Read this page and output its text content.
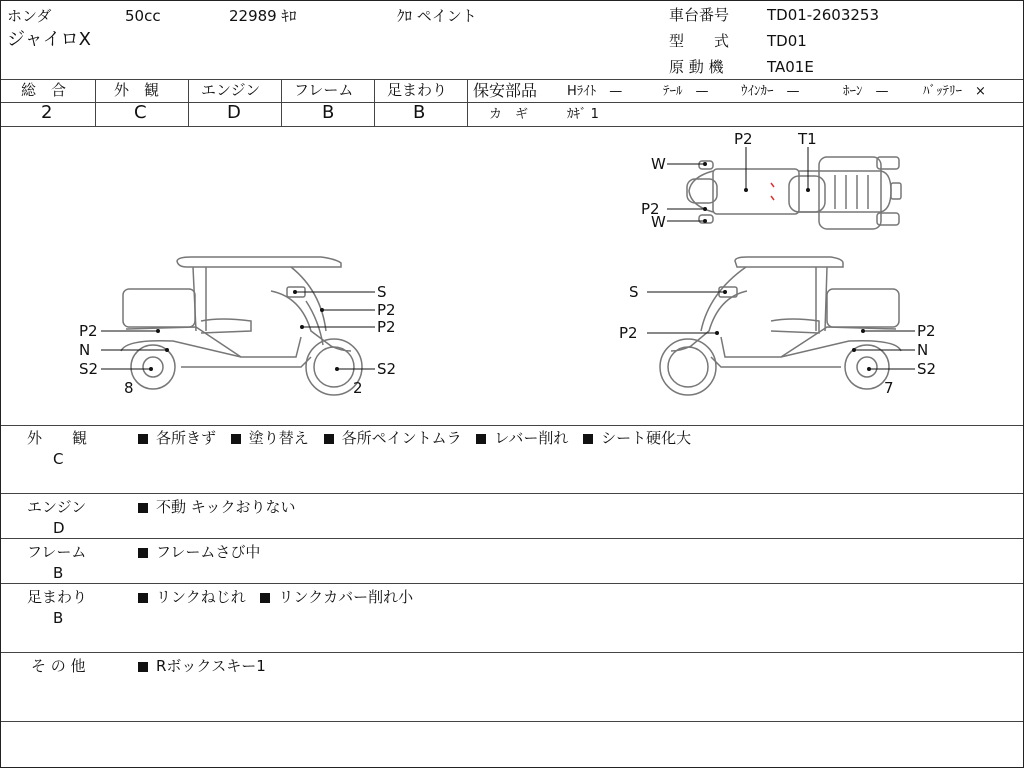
ホンダ	50cc	22989 ｷﾛ	ｸﾛ ペイント
ジャイロX
車台番号	TD01-2603253
型　　式	TD01
原 動 機	TA01E
総　合
2
外　観
C
エンジン
D
フレーム
B
足まわり
B
保安部品 Hﾗｲﾄ　—	ﾃｰﾙ　— ｳｲﾝｶｰ　—	ﾎｰﾝ　—	ﾊﾞｯﾃﾘｰ　×
カ　ギ	ｶｷﾞ 1
P2	T1
W
P2
W
P2
N
S2
8
S
P2
P2
S2
2
S
P2	P2
N
S2
7
外　　観
C
各所きず 塗り替え 各所ペイントムラ レバー削れ シート硬化大
エンジン
D
不動 キックおりない
フレーム
B
フレームさび中
足まわり
B
リンクねじれ リンクカバー削れ小
そ の 他	Rボックスキー1
